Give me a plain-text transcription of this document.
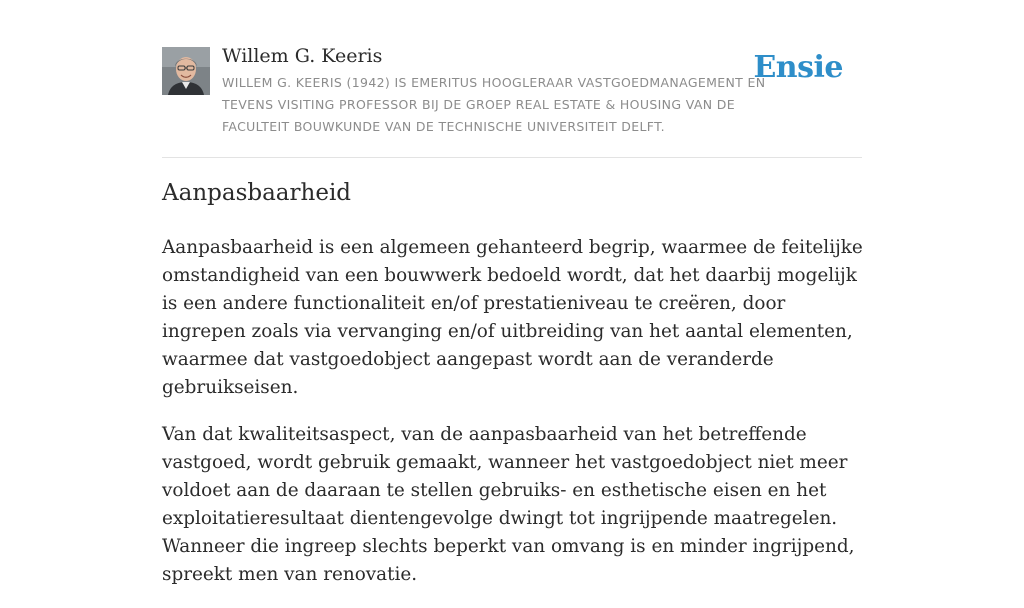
Willem G. Keeris
WILLEM G. KEERIS (1942) IS EMERITUS HOOGLERAAR VASTGOEDMANAGEMENT EN TEVENS VISITING PROFESSOR BIJ DE GROEP REAL ESTATE & HOUSING VAN DE FACULTEIT BOUWKUNDE VAN DE TECHNISCHE UNIVERSITEIT DELFT.
Ensie
Aanpasbaarheid

Aanpasbaarheid is een algemeen gehanteerd begrip, waarmee de feitelijke omstandigheid van een bouwwerk bedoeld wordt, dat het daarbij mogelijk is een andere functionaliteit en/of prestatieniveau te creëren, door ingrepen zoals via vervanging en/of uitbreiding van het aantal elementen, waarmee dat vastgoedobject aangepast wordt aan de veranderde gebruikseisen.

Van dat kwaliteitsaspect, van de aanpasbaarheid van het betreffende vastgoed, wordt gebruik gemaakt, wanneer het vastgoedobject niet meer voldoet aan de daaraan te stellen gebruiks- en esthetische eisen en het exploitatieresultaat dientengevolge dwingt tot ingrijpende maatregelen. Wanneer die ingreep slechts beperkt van omvang is en minder ingrijpend, spreekt men van renovatie.
